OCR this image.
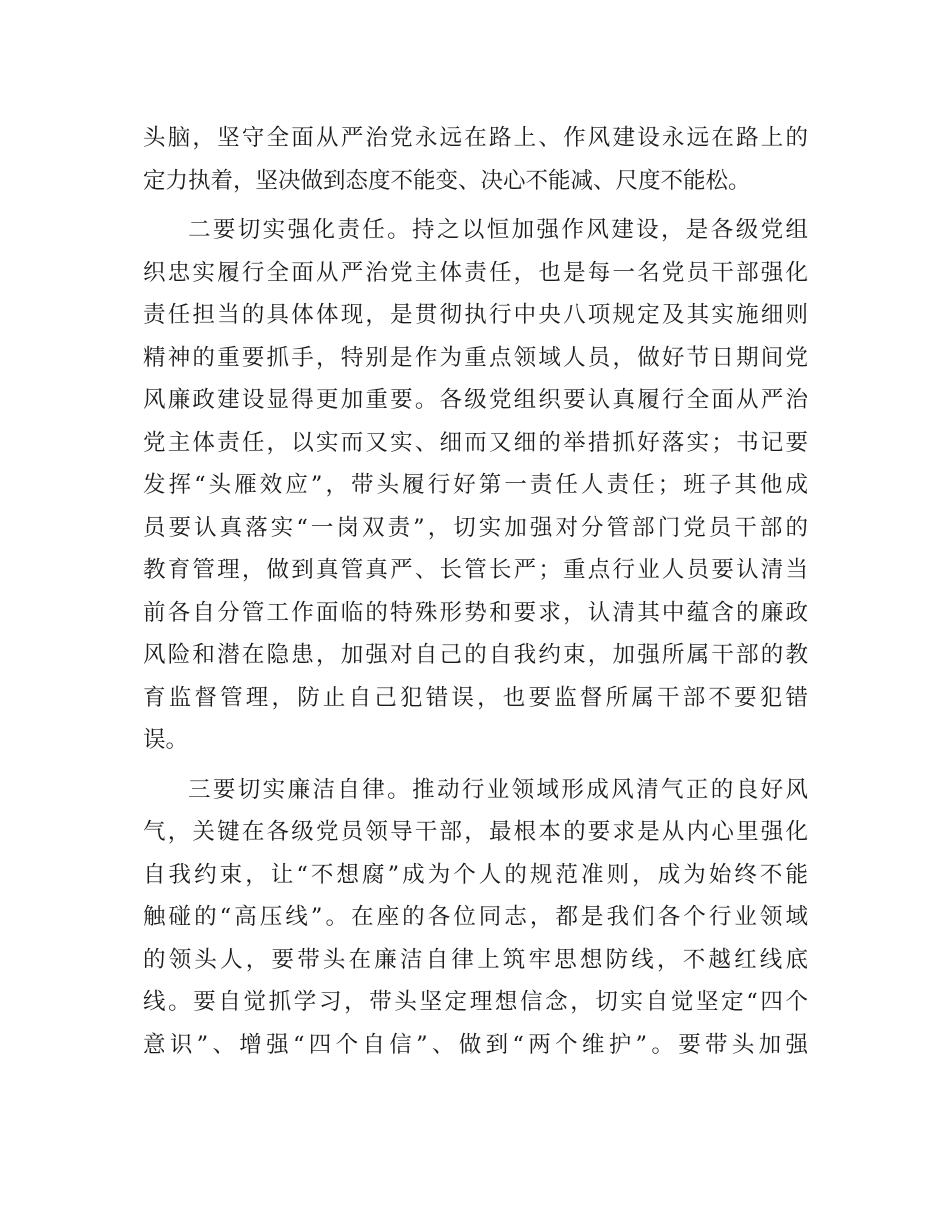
头脑，坚守全面从严治党永远在路上、作风建设永远在路上的
定力执着，坚决做到态度不能变、决心不能减、尺度不能松。
二要切实强化责任。持之以恒加强作风建设，是各级党组
织忠实履行全面从严治党主体责任，也是每一名党员干部强化
责任担当的具体体现，是贯彻执行中央八项规定及其实施细则
精神的重要抓手，特别是作为重点领域人员，做好节日期间党
风廉政建设显得更加重要。各级党组织要认真履行全面从严治
党主体责任，以实而又实、细而又细的举措抓好落实；书记要
发挥“头雁效应”，带头履行好第一责任人责任；班子其他成
员要认真落实“一岗双责”，切实加强对分管部门党员干部的
教育管理，做到真管真严、长管长严；重点行业人员要认清当
前各自分管工作面临的特殊形势和要求，认清其中蕴含的廉政
风险和潜在隐患，加强对自己的自我约束，加强所属干部的教
育监督管理，防止自己犯错误，也要监督所属干部不要犯错
误。
三要切实廉洁自律。推动行业领域形成风清气正的良好风
气，关键在各级党员领导干部，最根本的要求是从内心里强化
自我约束，让“不想腐”成为个人的规范准则，成为始终不能
触碰的“高压线”。在座的各位同志，都是我们各个行业领域
的领头人，要带头在廉洁自律上筑牢思想防线，不越红线底
线。要自觉抓学习，带头坚定理想信念，切实自觉坚定“四个
意识”、增强“四个自信”、做到“两个维护”。要带头加强
